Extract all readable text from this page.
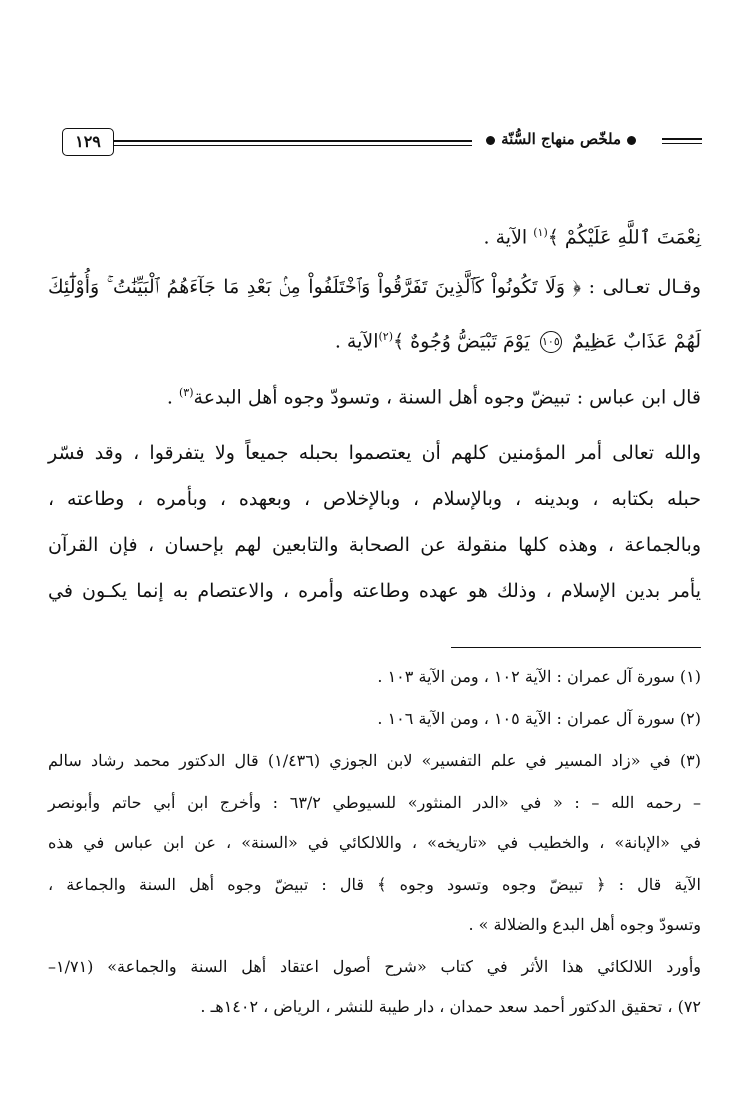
ملخّص منهاج السُّنّة
١٢٩
نِعْمَتَ ٱللَّهِ عَلَيْكُمْ ﴾$^{(١)}$ الآية .
وقـال تعـالى : ﴿ وَلَا تَكُونُواْ كَٱلَّذِينَ تَفَرَّقُواْ وَٱخْتَلَفُواْ مِنۢ بَعْدِ مَا جَآءَهُمُ ٱلْبَيِّنَٰتُ ۚ وَأُوْلَٰٓئِكَ
لَهُمْ عَذَابٌ عَظِيمٌ ١٠٥ يَوْمَ تَبْيَضُّ وُجُوهٌ ﴾$^{(٢)}$الآية .
قال ابن عباس : تبيضّ وجوه أهل السنة ، وتسودّ وجوه أهل البدعة$^{(٣)}$ .
والله تعالى أمر المؤمنين كلهم أن يعتصموا بحبله جميعاً ولا يتفرقوا ، وقد فسّر
حبله بكتابه ، وبدينه ، وبالإسلام ، وبالإخلاص ، وبعهده ، وبأمره ، وطاعته ،
وبالجماعة ، وهذه كلها منقولة عن الصحابة والتابعين لهم بإحسان ، فإن القرآن
يأمر بدين الإسلام ، وذلك هو عهده وطاعته وأمره ، والاعتصام به إنما يكـون في
(١) سورة آل عمران : الآية ١٠٢ ، ومن الآية ١٠٣ .
(٢) سورة آل عمران : الآية ١٠٥ ، ومن الآية ١٠٦ .
(٣) في «زاد المسير في علم التفسير» لابن الجوزي (١/٤٣٦) قال الدكتور محمد رشاد سالم
– رحمه الله – : « في «الدر المنثور» للسيوطي ٦٣/٢ : وأخرج ابن أبي حاتم وأبونصر
في «الإبانة» ، والخطيب في «تاريخه» ، واللالكائي في «السنة» ، عن ابن عباس في هذه
الآية قال : ﴿ تبيضّ وجوه وتسود وجوه ﴾ قال : تبيضّ وجوه أهل السنة والجماعة ،
وتسودّ وجوه أهل البدع والضلالة » .
وأورد اللالكائي هذا الأثر في كتاب «شرح أصول اعتقاد أهل السنة والجماعة» (١/٧١–
٧٢) ، تحقيق الدكتور أحمد سعد حمدان ، دار طيبة للنشر ، الرياض ، ١٤٠٢هـ .
